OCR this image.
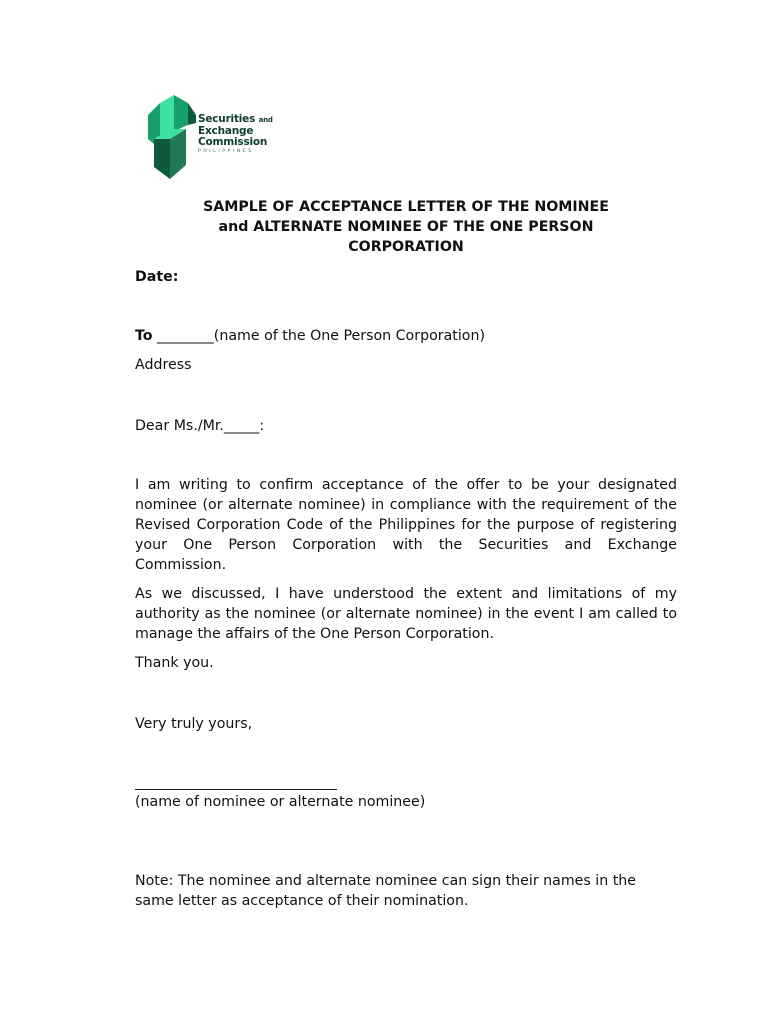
Securities and
Exchange
Commission
PHILIPPINES
SAMPLE OF ACCEPTANCE LETTER OF THE NOMINEE
and ALTERNATE NOMINEE OF THE ONE PERSON
CORPORATION
Date:
To ________(name of the One Person Corporation)
Address
Dear Ms./Mr._____:
I am writing to confirm acceptance of the offer to be your designated nominee (or alternate nominee) in compliance with the requirement of the Revised Corporation Code of the Philippines for the purpose of registering your One Person Corporation with the Securities and Exchange Commission.
As we discussed, I have understood the extent and limitations of my authority as the nominee (or alternate nominee) in the event I am called to manage the affairs of the One Person Corporation.
Thank you.
Very truly yours,
(name of nominee or alternate nominee)
Note: The nominee and alternate nominee can sign their names in the same letter as acceptance of their nomination.
